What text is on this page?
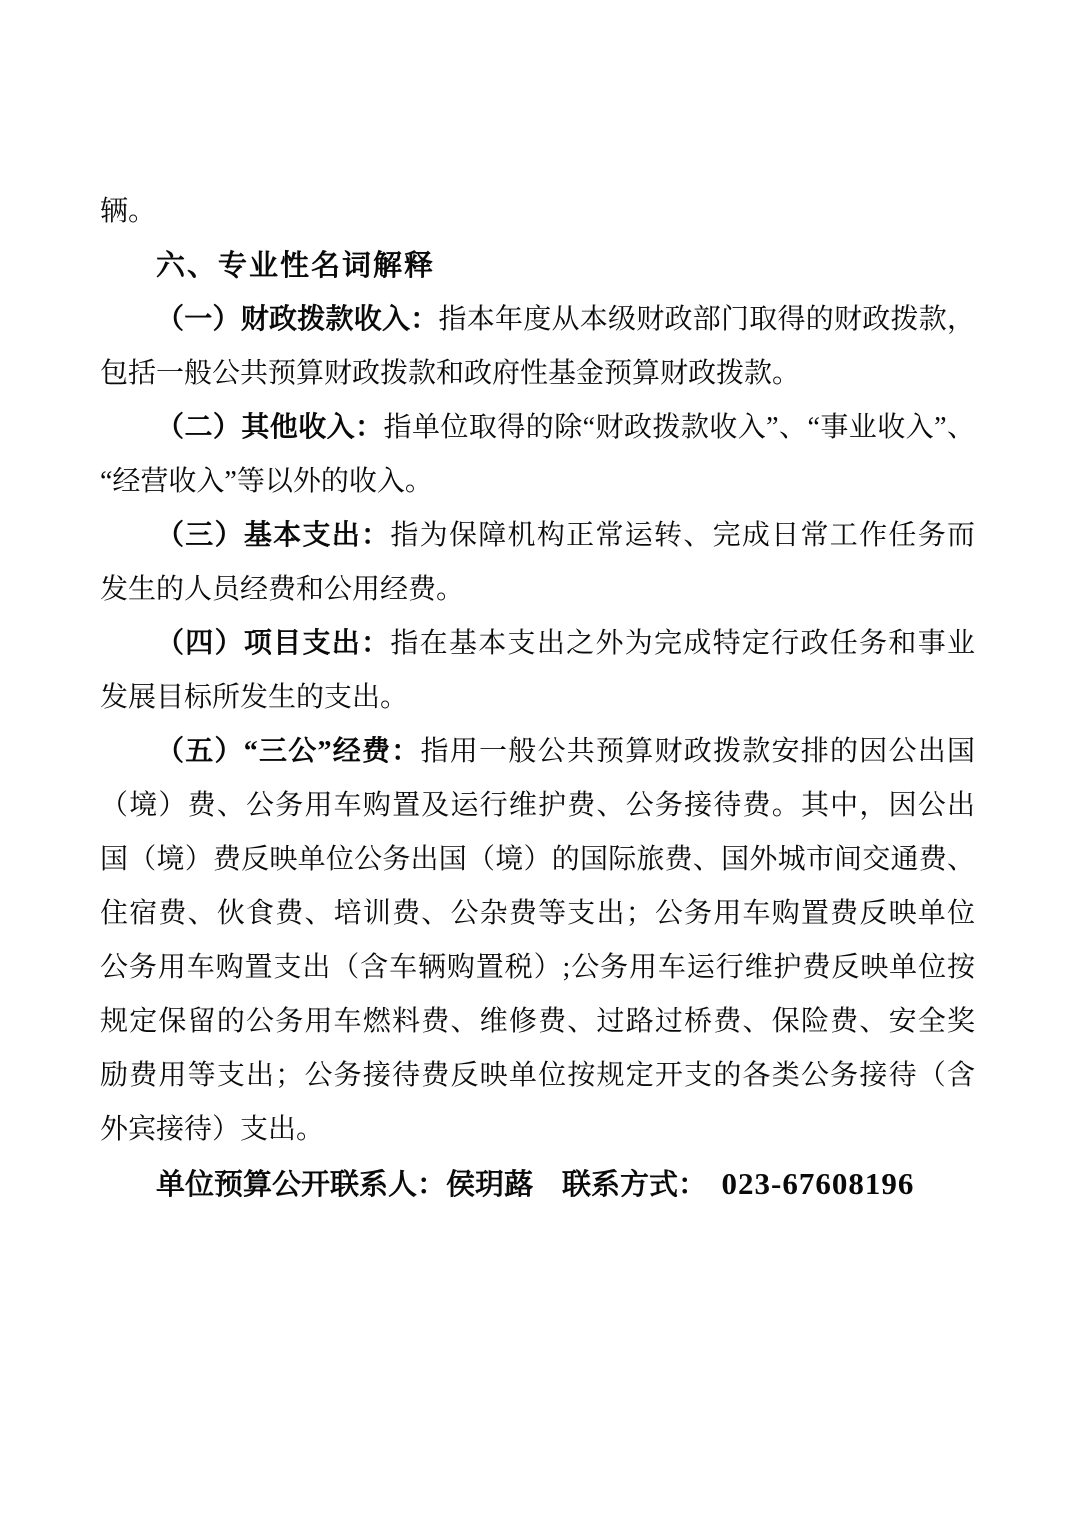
辆。
六、专业性名词解释
（一）财政拨款收入：指本年度从本级财政部门取得的财政拨款，
包括一般公共预算财政拨款和政府性基金预算财政拨款。
（二）其他收入：指单位取得的除“财政拨款收入”、“事业收入”、
“经营收入”等以外的收入。
（三）基本支出：指为保障机构正常运转、完成日常工作任务而
发生的人员经费和公用经费。
（四）项目支出：指在基本支出之外为完成特定行政任务和事业
发展目标所发生的支出。
（五）“三公”经费：指用一般公共预算财政拨款安排的因公出国
（境）费、公务用车购置及运行维护费、公务接待费。其中，因公出
国（境）费反映单位公务出国（境）的国际旅费、国外城市间交通费、
住宿费、伙食费、培训费、公杂费等支出；公务用车购置费反映单位
公务用车购置支出（含车辆购置税）;公务用车运行维护费反映单位按
规定保留的公务用车燃料费、维修费、过路过桥费、保险费、安全奖
励费用等支出；公务接待费反映单位按规定开支的各类公务接待（含
外宾接待）支出。
单位预算公开联系人：侯玥蕗　联系方式：　023-67608196
